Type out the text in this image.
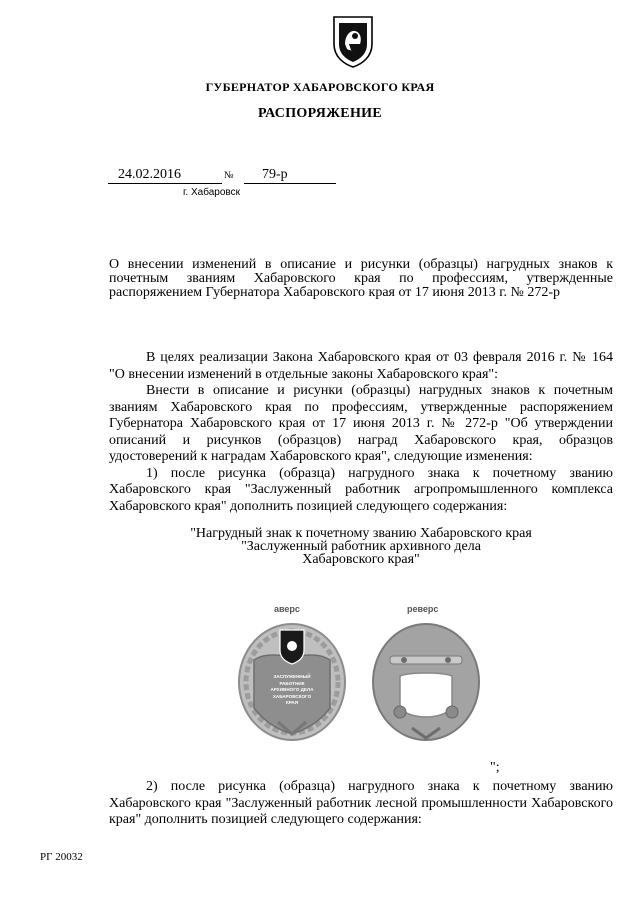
ГУБЕРНАТОР ХАБАРОВСКОГО КРАЯ
РАСПОРЯЖЕНИЕ
24.02.2016	№	79-р
г. Хабаровск
О внесении изменений в описание и рисунки (образцы) нагрудных знаков к почетным званиям Хабаровского края по профессиям, утвержденные распоряжением Губернатора Хабаровского края от 17 июня 2013 г. № 272-р
В целях реализации Закона Хабаровского края от 03 февраля 2016 г. № 164 "О внесении изменений в отдельные законы Хабаровского края":
Внести в описание и рисунки (образцы) нагрудных знаков к почетным званиям Хабаровского края по профессиям, утвержденные распоряжением Губернатора Хабаровского края от 17 июня 2013 г. № 272-р "Об утверждении описаний и рисунков (образцов) наград Хабаровского края, образцов удостоверений к наградам Хабаровского края", следующие изменения:
1) после рисунка (образца) нагрудного знака к почетному званию Хабаровского края "Заслуженный работник агропромышленного комплекса Хабаровского края" дополнить позицией следующего содержания:
"Нагрудный знак к почетному званию Хабаровского края
"Заслуженный работник архивного дела
Хабаровского края"
аверс	реверс
ЗАСЛУЖЕННЫЙ
РАБОТНИК
АРХИВНОГО ДЕЛА
ХАБАРОВСКОГО
КРАЯ
";
2) после рисунка (образца) нагрудного знака к почетному званию Хабаровского края "Заслуженный работник лесной промышленности Хабаровского края" дополнить позицией следующего содержания:
РГ 20032
